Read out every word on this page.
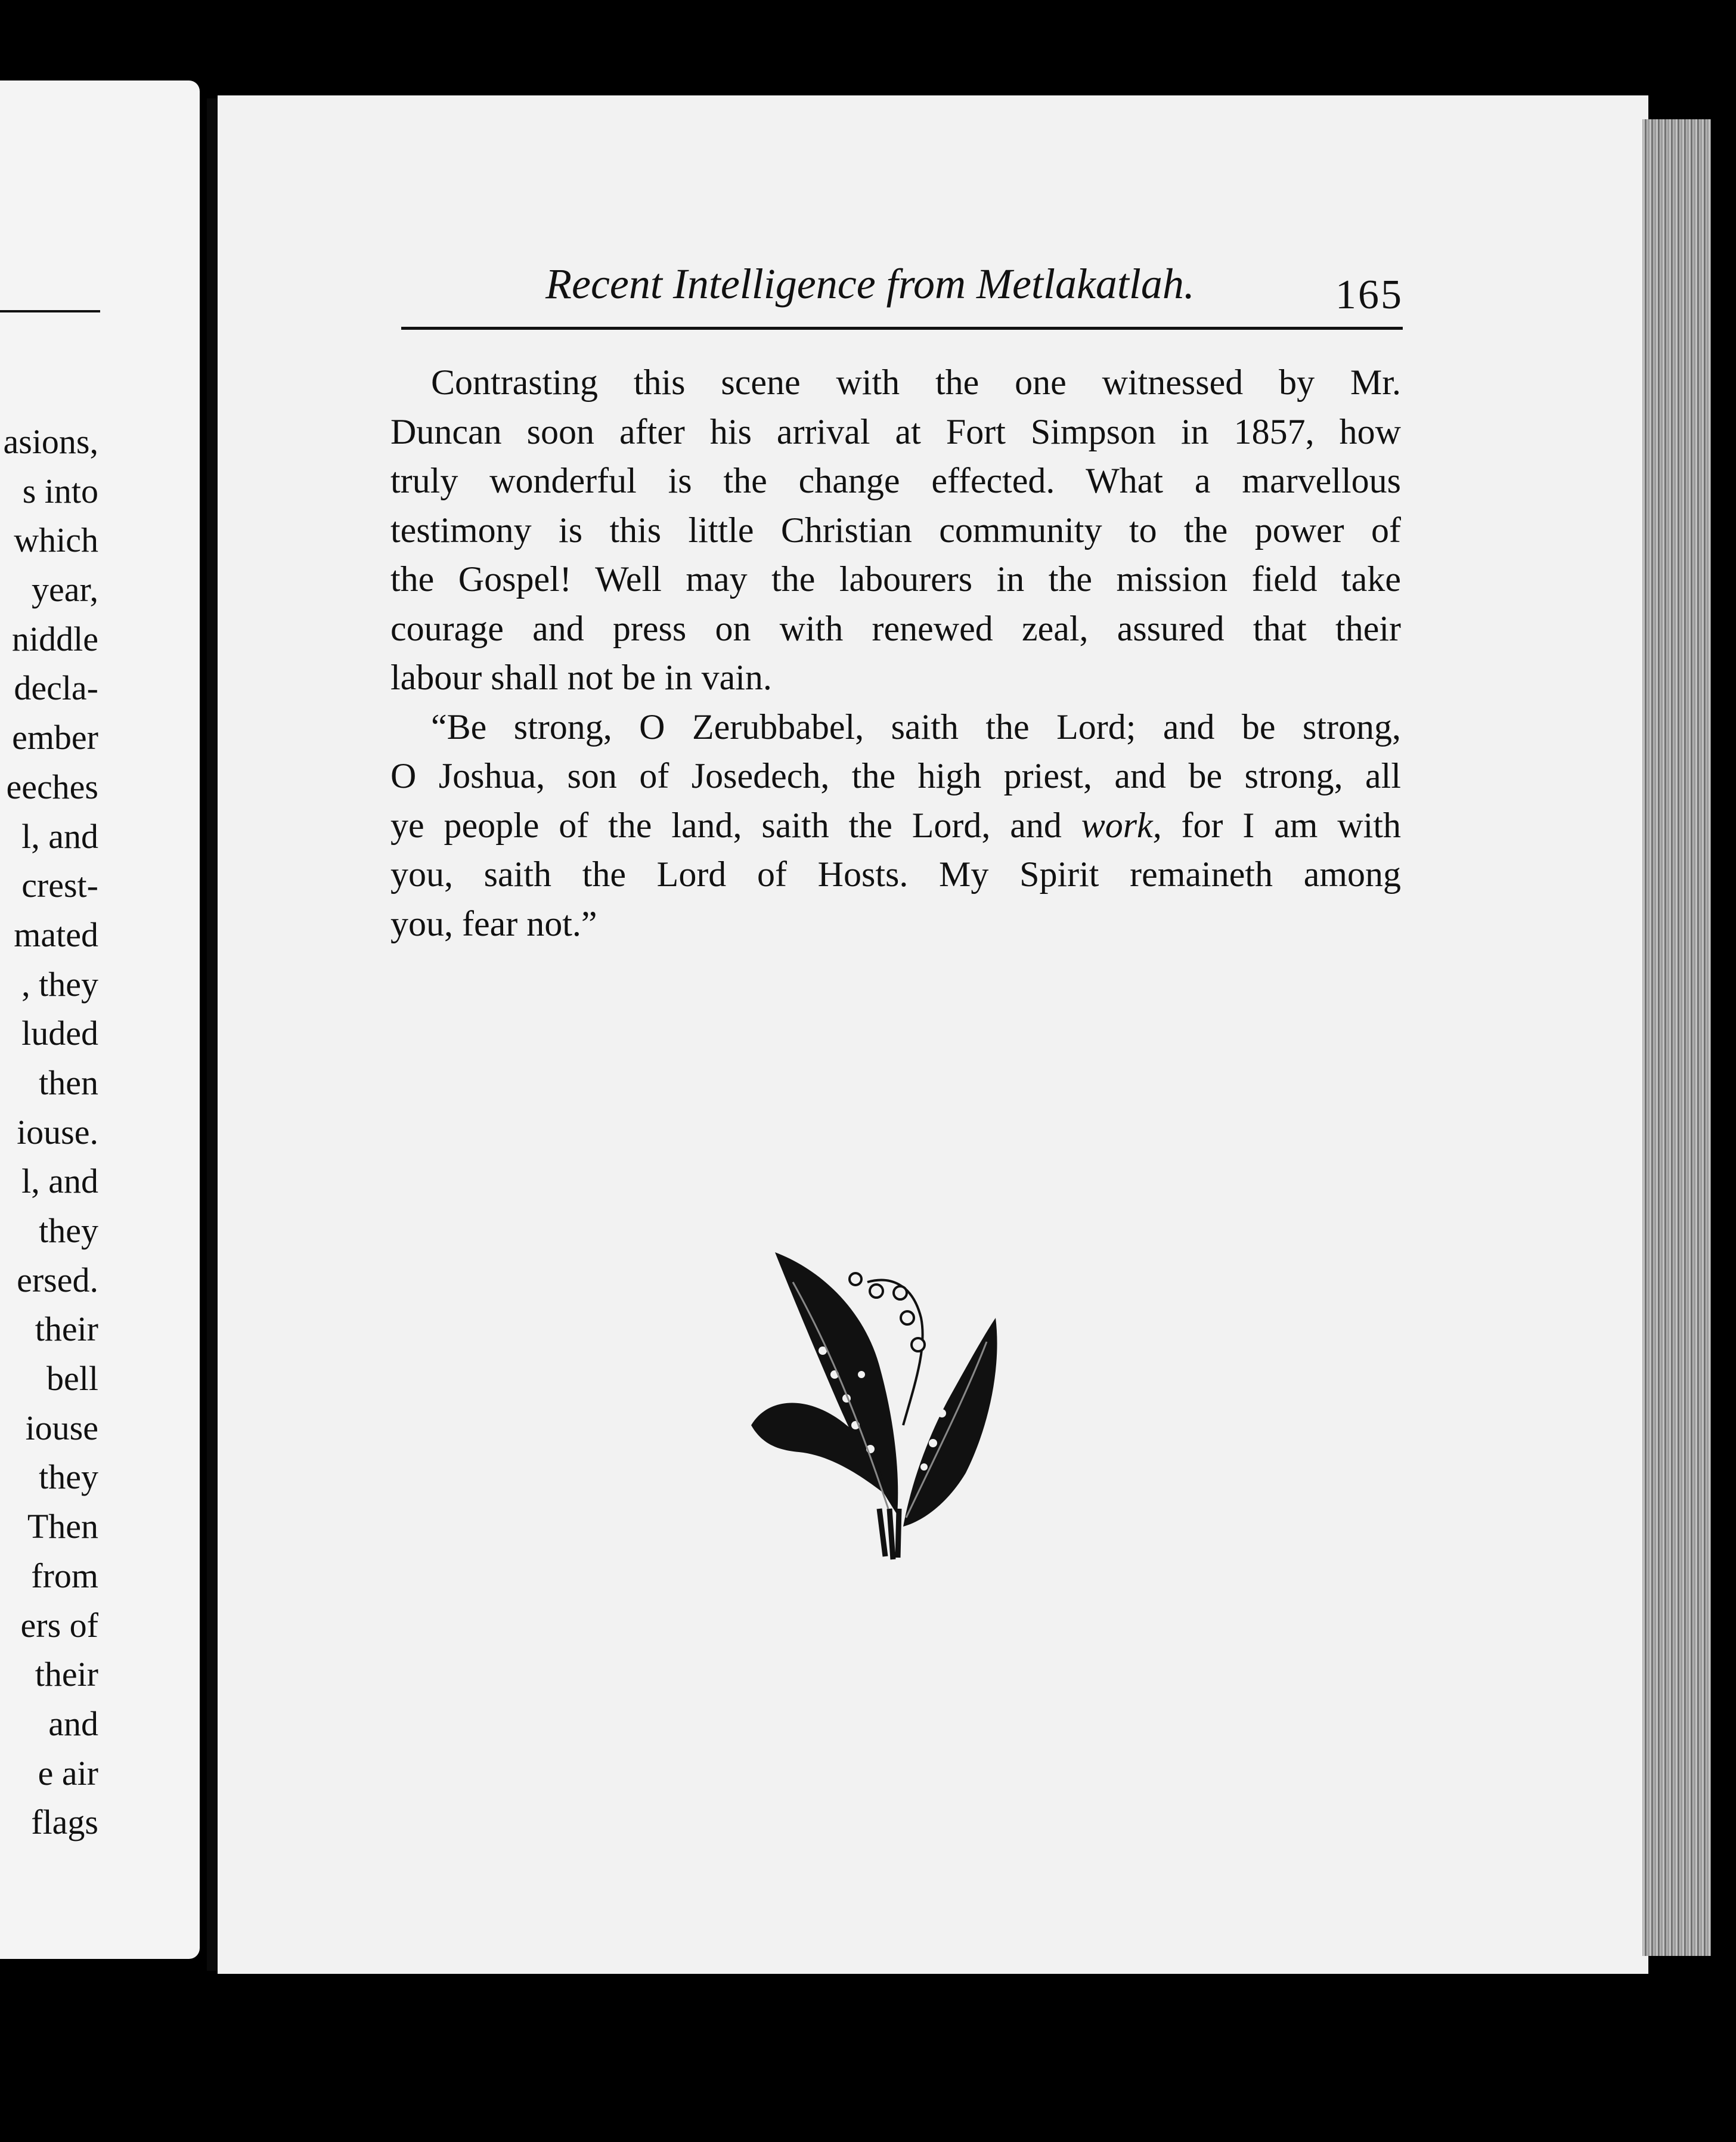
asions,
s into
which
year,
niddle
decla-
ember
eeches
l, and
crest-
mated
, they
luded
then
iouse.
l, and
they
ersed.
their
bell
iouse
they
Then
from
ers of
their
and
e air
flags
Recent Intelligence from Metlakatlah.	165
Contrasting this scene with the one witnessed by Mr.
Duncan soon after his arrival at Fort Simpson in 1857, how
truly wonderful is the change effected. What a marvellous
testimony is this little Christian community to the power of
the Gospel! Well may the labourers in the mission field take
courage and press on with renewed zeal, assured that their
labour shall not be in vain.
“Be strong, O Zerubbabel, saith the Lord; and be strong,
O Joshua, son of Josedech, the high priest, and be strong, all
ye people of the land, saith the Lord, and work, for I am with
you, saith the Lord of Hosts. My Spirit remaineth among
you, fear not.”
